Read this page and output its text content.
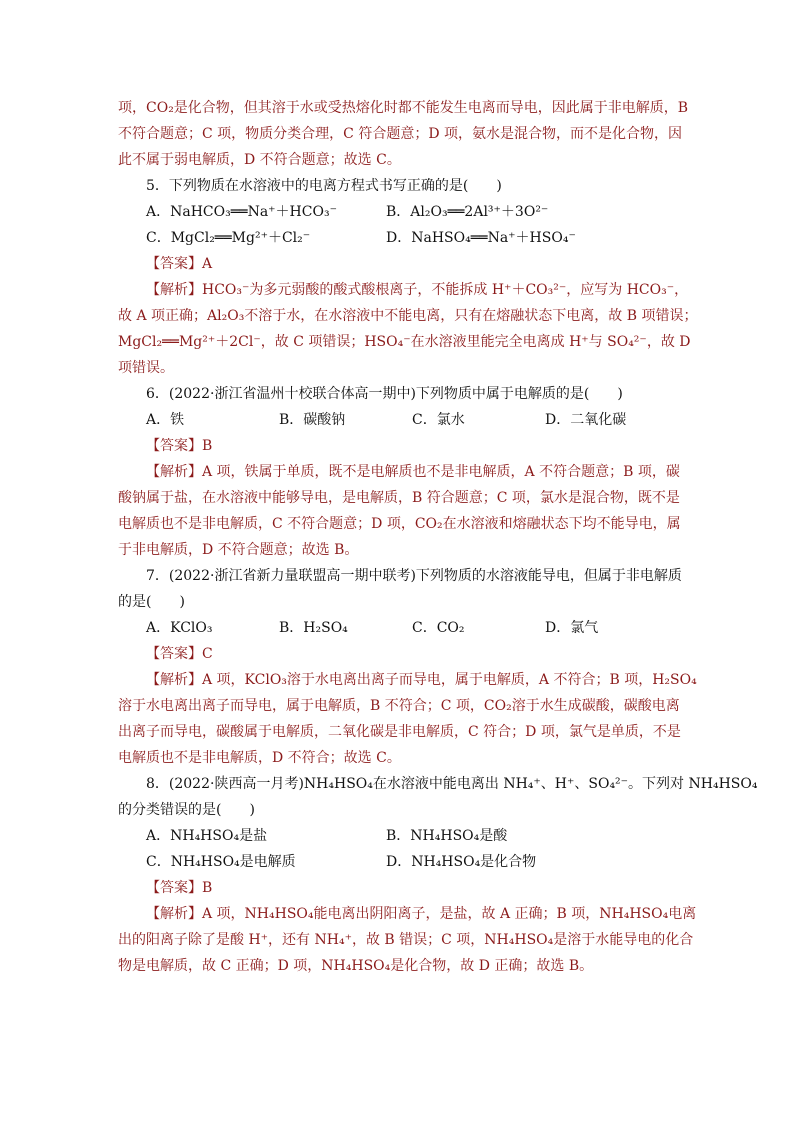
项，CO₂是化合物，但其溶于水或受热熔化时都不能发生电离而导电，因此属于非电解质，B
不符合题意；C 项，物质分类合理，C 符合题意；D 项，氨水是混合物，而不是化合物，因
此不属于弱电解质，D 不符合题意；故选 C。
5．下列物质在水溶液中的电离方程式书写正确的是(　　)
A．NaHCO₃══Na⁺＋HCO₃⁻	B．Al₂O₃══2Al³⁺＋3O²⁻
C．MgCl₂══Mg²⁺＋Cl₂⁻	D．NaHSO₄══Na⁺＋HSO₄⁻
【答案】A
【解析】HCO₃⁻为多元弱酸的酸式酸根离子，不能拆成 H⁺＋CO₃²⁻，应写为 HCO₃⁻，
故 A 项正确；Al₂O₃不溶于水，在水溶液中不能电离，只有在熔融状态下电离，故 B 项错误；
MgCl₂══Mg²⁺＋2Cl⁻，故 C 项错误；HSO₄⁻在水溶液里能完全电离成 H⁺与 SO₄²⁻，故 D
项错误。
6．(2022·浙江省温州十校联合体高一期中)下列物质中属于电解质的是(　　)
A．铁	B．碳酸钠	C．氯水	D．二氧化碳
【答案】B
【解析】A 项，铁属于单质，既不是电解质也不是非电解质，A 不符合题意；B 项，碳
酸钠属于盐，在水溶液中能够导电，是电解质，B 符合题意；C 项，氯水是混合物，既不是
电解质也不是非电解质，C 不符合题意；D 项，CO₂在水溶液和熔融状态下均不能导电，属
于非电解质，D 不符合题意；故选 B。
7．(2022·浙江省新力量联盟高一期中联考)下列物质的水溶液能导电，但属于非电解质
的是(　　)
A．KClO₃	B．H₂SO₄	C．CO₂	D．氯气
【答案】C
【解析】A 项，KClO₃溶于水电离出离子而导电，属于电解质，A 不符合；B 项，H₂SO₄
溶于水电离出离子而导电，属于电解质，B 不符合；C 项，CO₂溶于水生成碳酸，碳酸电离
出离子而导电，碳酸属于电解质，二氧化碳是非电解质，C 符合；D 项，氯气是单质，不是
电解质也不是非电解质，D 不符合；故选 C。
8．(2022·陕西高一月考)NH₄HSO₄在水溶液中能电离出 NH₄⁺、H⁺、SO₄²⁻。下列对 NH₄HSO₄
的分类错误的是(　　)
A．NH₄HSO₄是盐	B．NH₄HSO₄是酸
C．NH₄HSO₄是电解质	D．NH₄HSO₄是化合物
【答案】B
【解析】A 项，NH₄HSO₄能电离出阴阳离子，是盐，故 A 正确；B 项，NH₄HSO₄电离
出的阳离子除了是酸 H⁺，还有 NH₄⁺，故 B 错误；C 项，NH₄HSO₄是溶于水能导电的化合
物是电解质，故 C 正确；D 项，NH₄HSO₄是化合物，故 D 正确；故选 B。
